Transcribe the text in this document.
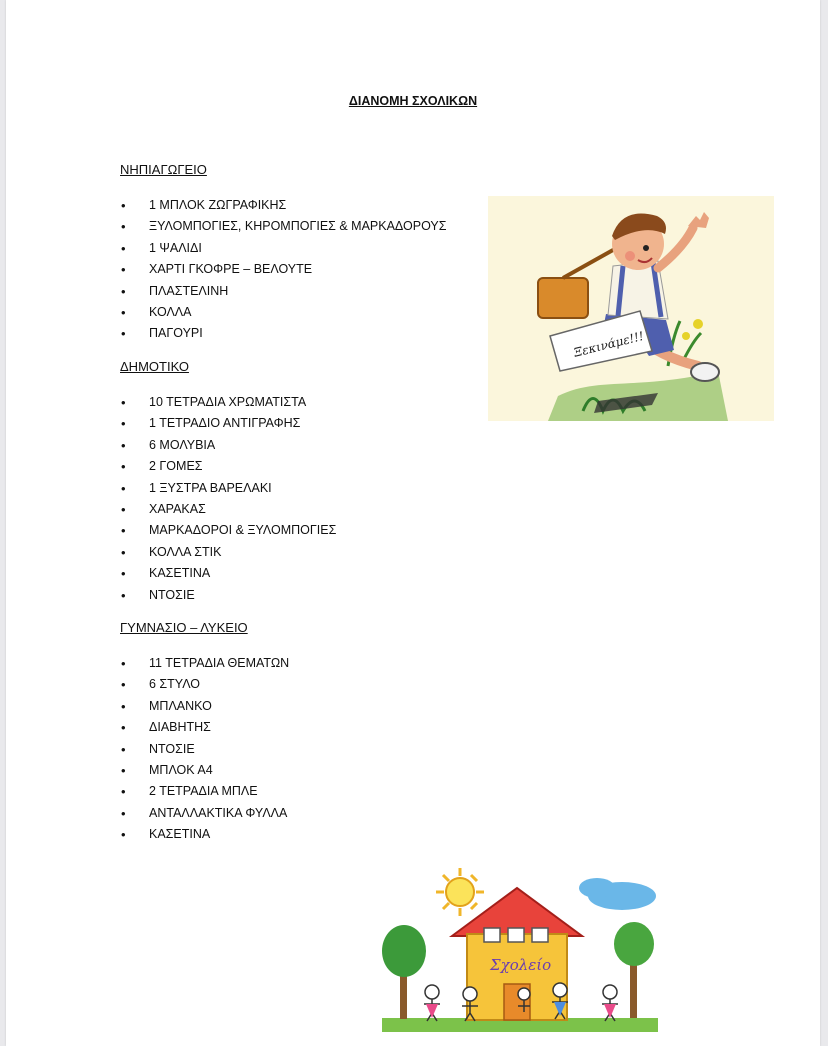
ΔΙΑΝΟΜΗ ΣΧΟΛΙΚΩΝ
ΝΗΠΙΑΓΩΓΕΙΟ
• 1 ΜΠΛΟΚ ΖΩΓΡΑΦΙΚΗΣ
• ΞΥΛΟΜΠΟΓΙΕΣ, ΚΗΡΟΜΠΟΓΙΕΣ & ΜΑΡΚΑΔΟΡΟΥΣ
• 1 ΨΑΛΙΔΙ
• ΧΑΡΤΙ ΓΚΟΦΡΕ – ΒΕΛΟΥΤΕ
• ΠΛΑΣΤΕΛΙΝΗ
• ΚΟΛΛΑ
• ΠΑΓΟΥΡΙ
ΔΗΜΟΤΙΚΟ
• 10 ΤΕΤΡΑΔΙΑ ΧΡΩΜΑΤΙΣΤΑ
• 1 ΤΕΤΡΑΔΙΟ ΑΝΤΙΓΡΑΦΗΣ
• 6 ΜΟΛΥΒΙΑ
• 2 ΓΟΜΕΣ
• 1 ΞΥΣΤΡΑ ΒΑΡΕΛΑΚΙ
• ΧΑΡΑΚΑΣ
• ΜΑΡΚΑΔΟΡΟΙ & ΞΥΛΟΜΠΟΓΙΕΣ
• ΚΟΛΛΑ ΣΤΙΚ
• ΚΑΣΕΤΙΝΑ
• ΝΤΟΣΙΕ
ΓΥΜΝΑΣΙΟ – ΛΥΚΕΙΟ
• 11 ΤΕΤΡΑΔΙΑ ΘΕΜΑΤΩΝ
• 6 ΣΤΥΛΟ
• ΜΠΛΑΝΚΟ
• ΔΙΑΒΗΤΗΣ
• ΝΤΟΣΙΕ
• ΜΠΛΟΚ Α4
• 2 ΤΕΤΡΑΔΙΑ ΜΠΛΕ
• ΑΝΤΑΛΛΑΚΤΙΚΑ ΦΥΛΛΑ
• ΚΑΣΕΤΙΝΑ
Ξεκινάμε!!!
Σχολείο
